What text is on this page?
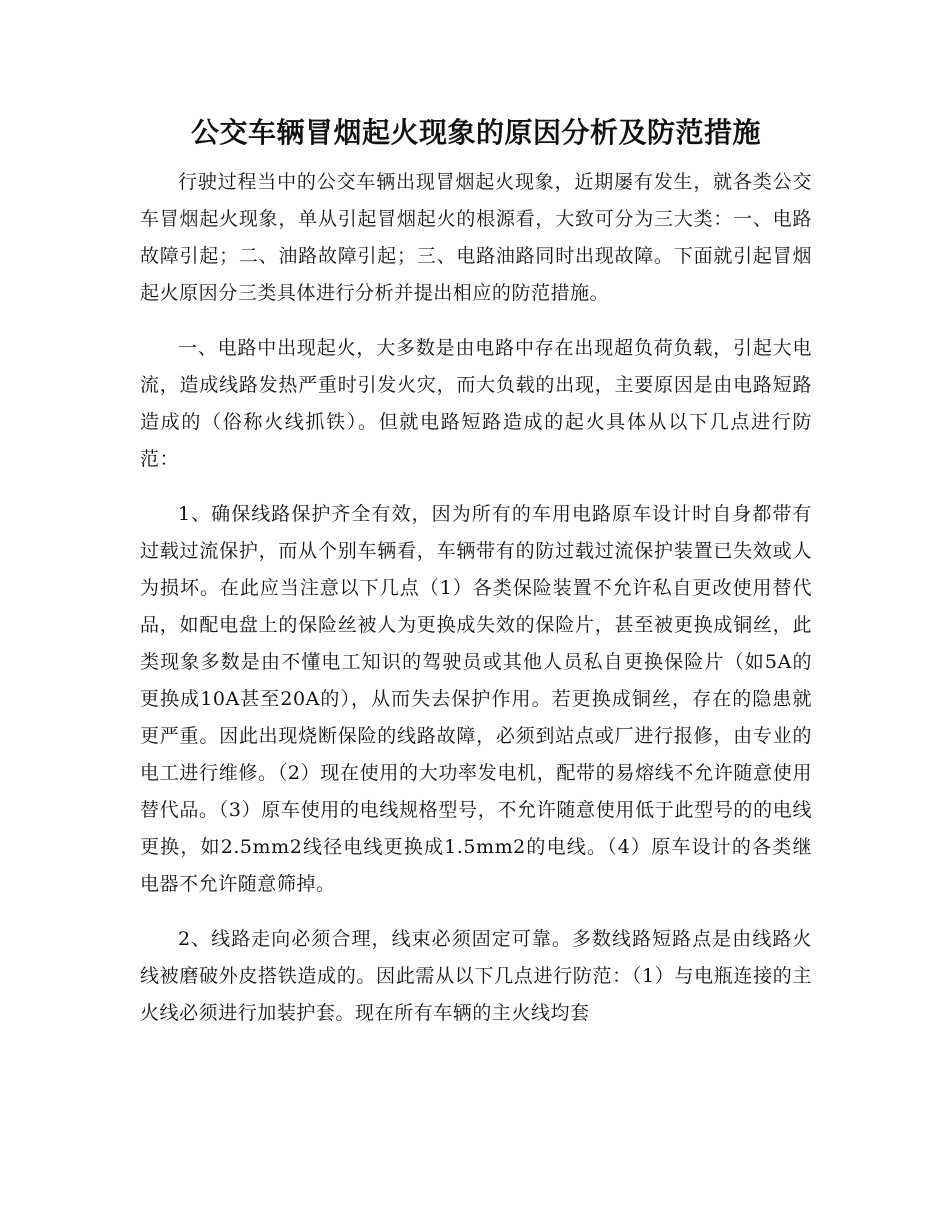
公交车辆冒烟起火现象的原因分析及防范措施

行驶过程当中的公交车辆出现冒烟起火现象，近期屡有发生，就各类公交车冒烟起火现象，单从引起冒烟起火的根源看，大致可分为三大类：一、电路故障引起；二、油路故障引起；三、电路油路同时出现故障。下面就引起冒烟起火原因分三类具体进行分析并提出相应的防范措施。

一、电路中出现起火，大多数是由电路中存在出现超负荷负载，引起大电流，造成线路发热严重时引发火灾，而大负载的出现，主要原因是由电路短路造成的（俗称火线抓铁）。但就电路短路造成的起火具体从以下几点进行防范：

1、确保线路保护齐全有效，因为所有的车用电路原车设计时自身都带有过载过流保护，而从个别车辆看，车辆带有的防过载过流保护装置已失效或人为损坏。在此应当注意以下几点（1）各类保险装置不允许私自更改使用替代品，如配电盘上的保险丝被人为更换成失效的保险片，甚至被更换成铜丝，此类现象多数是由不懂电工知识的驾驶员或其他人员私自更换保险片（如5A的更换成10A甚至20A的），从而失去保护作用。若更换成铜丝，存在的隐患就更严重。因此出现烧断保险的线路故障，必须到站点或厂进行报修，由专业的电工进行维修。（2）现在使用的大功率发电机，配带的易熔线不允许随意使用替代品。（3）原车使用的电线规格型号，不允许随意使用低于此型号的的电线更换，如2.5mm2线径电线更换成1.5mm2的电线。（4）原车设计的各类继电器不允许随意筛掉。

2、线路走向必须合理，线束必须固定可靠。多数线路短路点是由线路火线被磨破外皮搭铁造成的。因此需从以下几点进行防范：（1）与电瓶连接的主火线必须进行加装护套。现在所有车辆的主火线均套
